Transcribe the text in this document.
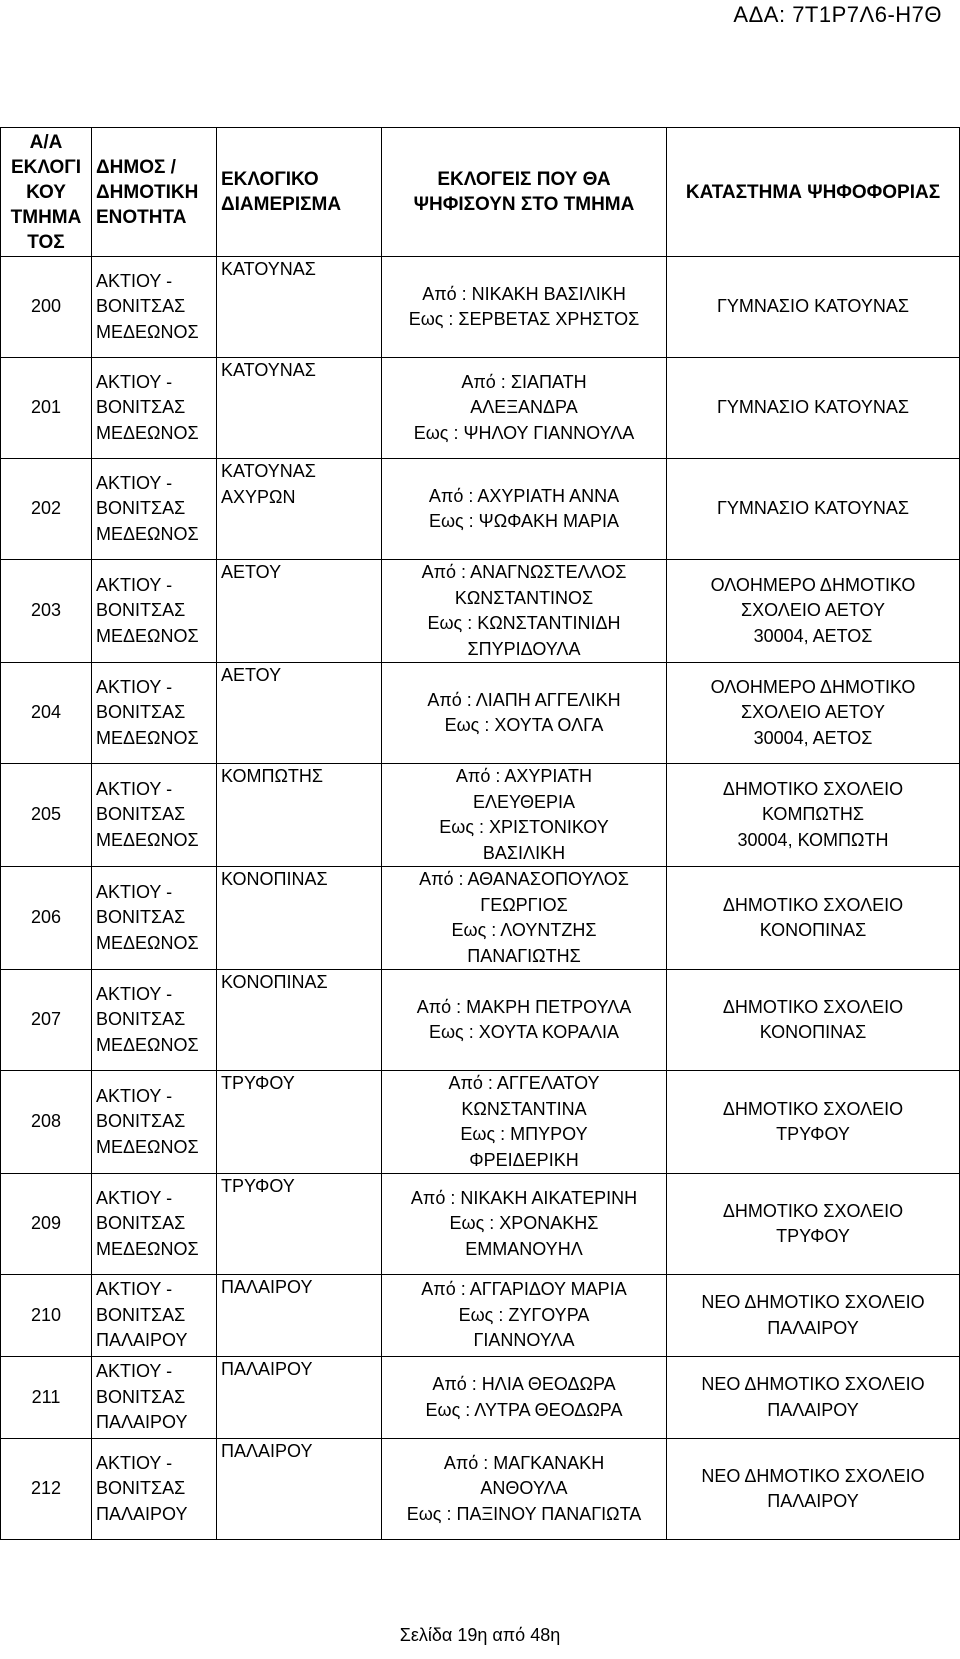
ΑΔΑ: 7Τ1Ρ7Λ6-Η7Θ
Α/Α
ΕΚΛΟΓΙ
ΚΟΥ
ΤΜΗΜΑ
ΤΟΣ	ΔΗΜΟΣ /
ΔΗΜΟΤΙΚΗ
ΕΝΟΤΗΤΑ	ΕΚΛΟΓΙΚΟ
ΔΙΑΜΕΡΙΣΜΑ	ΕΚΛΟΓΕΙΣ ΠΟΥ ΘΑ
ΨΗΦΙΣΟΥΝ ΣΤΟ ΤΜΗΜΑ	ΚΑΤΑΣΤΗΜΑ ΨΗΦΟΦΟΡΙΑΣ
200	ΑΚΤΙΟΥ -
ΒΟΝΙΤΣΑΣ
ΜΕΔΕΩΝΟΣ	ΚΑΤΟΥΝΑΣ	Από : ΝΙΚΑΚΗ ΒΑΣΙΛΙΚΗ
Εως : ΣΕΡΒΕΤΑΣ ΧΡΗΣΤΟΣ	ΓΥΜΝΑΣΙΟ ΚΑΤΟΥΝΑΣ
201	ΑΚΤΙΟΥ -
ΒΟΝΙΤΣΑΣ
ΜΕΔΕΩΝΟΣ	ΚΑΤΟΥΝΑΣ	Από : ΣΙΑΠΑΤΗ
ΑΛΕΞΑΝΔΡΑ
Εως : ΨΗΛΟΥ ΓΙΑΝΝΟΥΛΑ	ΓΥΜΝΑΣΙΟ ΚΑΤΟΥΝΑΣ
202	ΑΚΤΙΟΥ -
ΒΟΝΙΤΣΑΣ
ΜΕΔΕΩΝΟΣ	ΚΑΤΟΥΝΑΣ
ΑΧΥΡΩΝ	Από : ΑΧΥΡΙΑΤΗ ΑΝΝΑ
Εως : ΨΩΦΑΚΗ ΜΑΡΙΑ	ΓΥΜΝΑΣΙΟ ΚΑΤΟΥΝΑΣ
203	ΑΚΤΙΟΥ -
ΒΟΝΙΤΣΑΣ
ΜΕΔΕΩΝΟΣ	ΑΕΤΟΥ	Από : ΑΝΑΓΝΩΣΤΕΛΛΟΣ
ΚΩΝΣΤΑΝΤΙΝΟΣ
Εως : ΚΩΝΣΤΑΝΤΙΝΙΔΗ
ΣΠΥΡΙΔΟΥΛΑ	ΟΛΟΗΜΕΡΟ ΔΗΜΟΤΙΚΟ
ΣΧΟΛΕΙΟ ΑΕΤΟΥ
30004, ΑΕΤΟΣ
204	ΑΚΤΙΟΥ -
ΒΟΝΙΤΣΑΣ
ΜΕΔΕΩΝΟΣ	ΑΕΤΟΥ	Από : ΛΙΑΠΗ ΑΓΓΕΛΙΚΗ
Εως : ΧΟΥΤΑ ΟΛΓΑ	ΟΛΟΗΜΕΡΟ ΔΗΜΟΤΙΚΟ
ΣΧΟΛΕΙΟ ΑΕΤΟΥ
30004, ΑΕΤΟΣ
205	ΑΚΤΙΟΥ -
ΒΟΝΙΤΣΑΣ
ΜΕΔΕΩΝΟΣ	ΚΟΜΠΩΤΗΣ	Από : ΑΧΥΡΙΑΤΗ
ΕΛΕΥΘΕΡΙΑ
Εως : ΧΡΙΣΤΟΝΙΚΟΥ
ΒΑΣΙΛΙΚΗ	ΔΗΜΟΤΙΚΟ ΣΧΟΛΕΙΟ
ΚΟΜΠΩΤΗΣ
30004, ΚΟΜΠΩΤΗ
206	ΑΚΤΙΟΥ -
ΒΟΝΙΤΣΑΣ
ΜΕΔΕΩΝΟΣ	ΚΟΝΟΠΙΝΑΣ	Από : ΑΘΑΝΑΣΟΠΟΥΛΟΣ
ΓΕΩΡΓΙΟΣ
Εως : ΛΟΥΝΤΖΗΣ
ΠΑΝΑΓΙΩΤΗΣ	ΔΗΜΟΤΙΚΟ ΣΧΟΛΕΙΟ
ΚΟΝΟΠΙΝΑΣ
207	ΑΚΤΙΟΥ -
ΒΟΝΙΤΣΑΣ
ΜΕΔΕΩΝΟΣ	ΚΟΝΟΠΙΝΑΣ	Από : ΜΑΚΡΗ ΠΕΤΡΟΥΛΑ
Εως : ΧΟΥΤΑ ΚΟΡΑΛΙΑ	ΔΗΜΟΤΙΚΟ ΣΧΟΛΕΙΟ
ΚΟΝΟΠΙΝΑΣ
208	ΑΚΤΙΟΥ -
ΒΟΝΙΤΣΑΣ
ΜΕΔΕΩΝΟΣ	ΤΡΥΦΟΥ	Από : ΑΓΓΕΛΑΤΟΥ
ΚΩΝΣΤΑΝΤΙΝΑ
Εως : ΜΠΥΡΟΥ
ΦΡΕΙΔΕΡΙΚΗ	ΔΗΜΟΤΙΚΟ ΣΧΟΛΕΙΟ
ΤΡΥΦΟΥ
209	ΑΚΤΙΟΥ -
ΒΟΝΙΤΣΑΣ
ΜΕΔΕΩΝΟΣ	ΤΡΥΦΟΥ	Από : ΝΙΚΑΚΗ ΑΙΚΑΤΕΡΙΝΗ
Εως : ΧΡΟΝΑΚΗΣ
ΕΜΜΑΝΟΥΗΛ	ΔΗΜΟΤΙΚΟ ΣΧΟΛΕΙΟ
ΤΡΥΦΟΥ
210	ΑΚΤΙΟΥ -
ΒΟΝΙΤΣΑΣ
ΠΑΛΑΙΡΟΥ	ΠΑΛΑΙΡΟΥ	Από : ΑΓΓΑΡΙΔΟΥ ΜΑΡΙΑ
Εως : ΖΥΓΟΥΡΑ
ΓΙΑΝΝΟΥΛΑ	ΝΕΟ ΔΗΜΟΤΙΚΟ ΣΧΟΛΕΙΟ
ΠΑΛΑΙΡΟΥ
211	ΑΚΤΙΟΥ -
ΒΟΝΙΤΣΑΣ
ΠΑΛΑΙΡΟΥ	ΠΑΛΑΙΡΟΥ	Από : ΗΛΙΑ ΘΕΟΔΩΡΑ
Εως : ΛΥΤΡΑ ΘΕΟΔΩΡΑ	ΝΕΟ ΔΗΜΟΤΙΚΟ ΣΧΟΛΕΙΟ
ΠΑΛΑΙΡΟΥ
212	ΑΚΤΙΟΥ -
ΒΟΝΙΤΣΑΣ
ΠΑΛΑΙΡΟΥ	ΠΑΛΑΙΡΟΥ	Από : ΜΑΓΚΑΝΑΚΗ
ΑΝΘΟΥΛΑ
Εως : ΠΑΞΙΝΟΥ ΠΑΝΑΓΙΩΤΑ	ΝΕΟ ΔΗΜΟΤΙΚΟ ΣΧΟΛΕΙΟ
ΠΑΛΑΙΡΟΥ
Σελίδα 19η από 48η
